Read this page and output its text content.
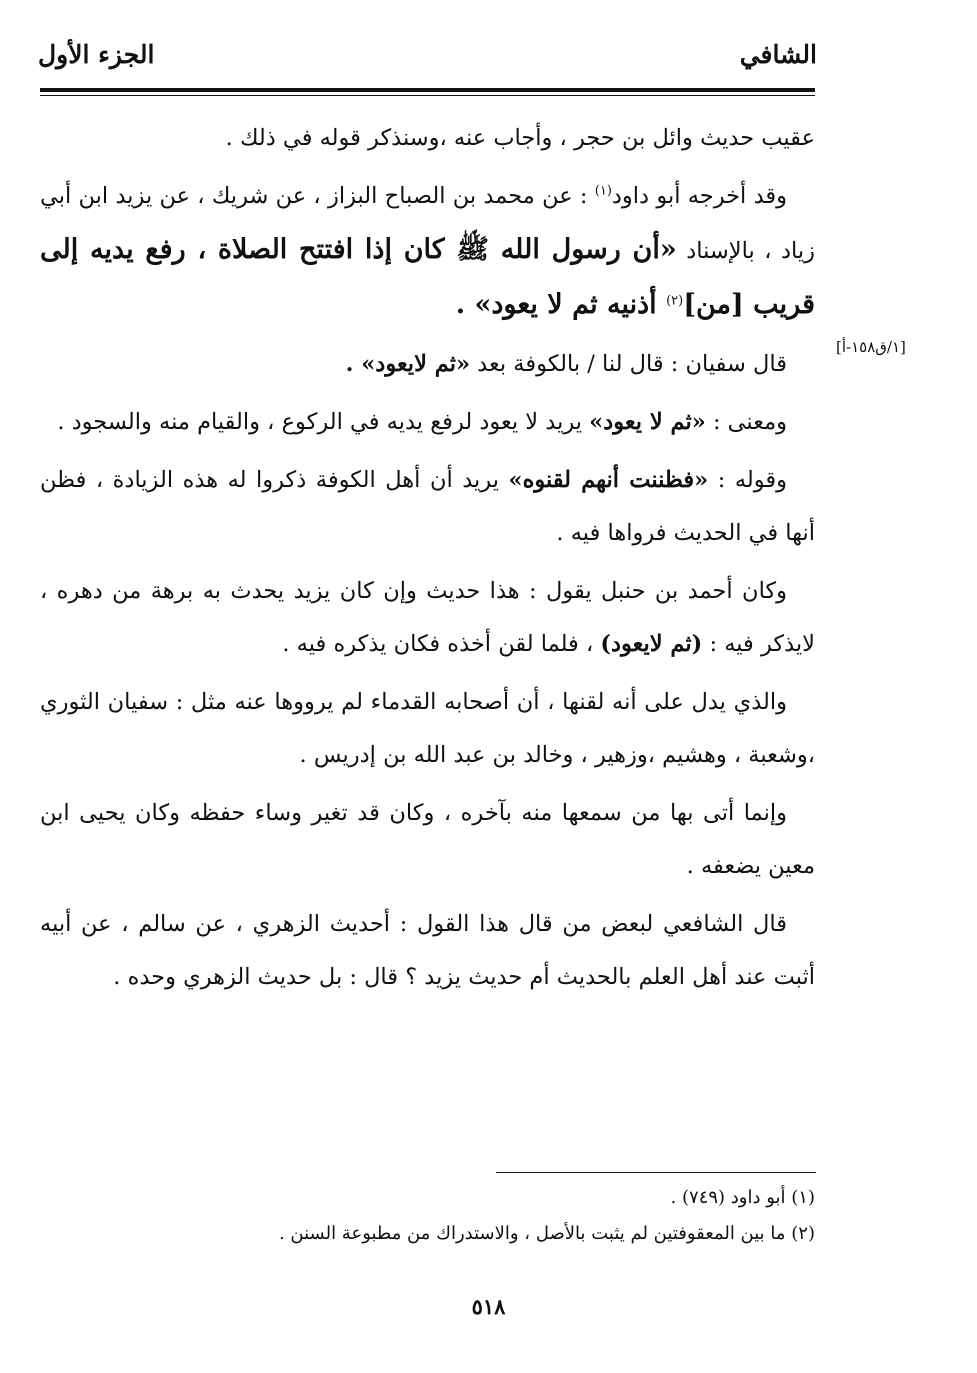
الشافي
الجزء الأول
[١/ق١٥٨-أ]

عقيب حديث وائل بن حجر ، وأجاب عنه ،وسنذكر قوله في ذلك .

وقد أخرجه أبو داود$^{(١)}$ : عن محمد بن الصباح البزاز ، عن شريك ، عن يزيد ابن أبي زياد ، بالإسناد «أن رسول الله ﷺ كان إذا افتتح الصلاة ، رفع يديه إلى قريب [من]$^{(٢)}$ أذنيه ثم لا يعود» .

قال سفيان : قال لنا / بالكوفة بعد «ثم لايعود» .

ومعنى : «ثم لا يعود» يريد لا يعود لرفع يديه في الركوع ، والقيام منه والسجود .

وقوله : «فظننت أنهم لقنوه» يريد أن أهل الكوفة ذكروا له هذه الزيادة ، فظن أنها في الحديث فرواها فيه .

وكان أحمد بن حنبل يقول : هذا حديث وإن كان يزيد يحدث به برهة من دهره ، لايذكر فيه : (ثم لايعود) ، فلما لقن أخذه فكان يذكره فيه .

والذي يدل على أنه لقنها ، أن أصحابه القدماء لم يرووها عنه مثل : سفيان الثوري ،وشعبة ، وهشيم ،وزهير ، وخالد بن عبد الله بن إدريس .

وإنما أتى بها من سمعها منه بآخره ، وكان قد تغير وساء حفظه وكان يحيى ابن معين يضعفه .

قال الشافعي لبعض من قال هذا القول : أحديث الزهري ، عن سالم ، عن أبيه أثبت عند أهل العلم بالحديث أم حديث يزيد ؟ قال : بل حديث الزهري وحده .

(١) أبو داود (٧٤٩) .
(٢) ما بين المعقوفتين لم يثبت بالأصل ، والاستدراك من مطبوعة السنن .
٥١٨
